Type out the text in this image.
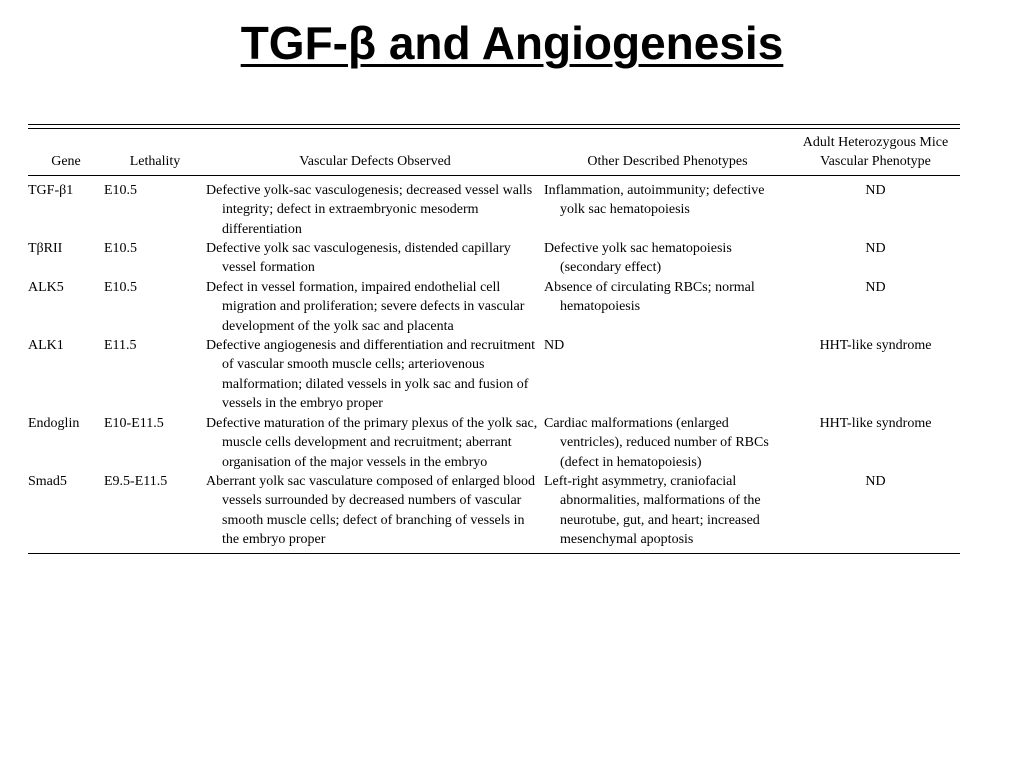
TGF-β and Angiogenesis
Gene	Lethality	Vascular Defects Observed	Other Described Phenotypes	Adult Heterozygous Mice
Vascular Phenotype

TGF-β1	E10.5	Defective yolk-sac vasculogenesis; decreased vessel walls integrity; defect in extraembryonic mesoderm differentiation	Inflammation, autoimmunity; defective yolk sac hematopoiesis	ND
TβRII	E10.5	Defective yolk sac vasculogenesis, distended capillary vessel formation	Defective yolk sac hematopoiesis (secondary effect)	ND
ALK5	E10.5	Defect in vessel formation, impaired endothelial cell migration and proliferation; severe defects in vascular development of the yolk sac and placenta	Absence of circulating RBCs; normal hematopoiesis	ND
ALK1	E11.5	Defective angiogenesis and differentiation and recruitment of vascular smooth muscle cells; arteriovenous malformation; dilated vessels in yolk sac and fusion of vessels in the embryo proper	ND	HHT-like syndrome
Endoglin	E10-E11.5	Defective maturation of the primary plexus of the yolk sac, muscle cells development and recruitment; aberrant organisation of the major vessels in the embryo	Cardiac malformations (enlarged ventricles), reduced number of RBCs (defect in hematopoiesis)	HHT-like syndrome
Smad5	E9.5-E11.5	Aberrant yolk sac vasculature composed of enlarged blood vessels surrounded by decreased numbers of vascular smooth muscle cells; defect of branching of vessels in the embryo proper	Left-right asymmetry, craniofacial abnormalities, malformations of the neurotube, gut, and heart; increased mesenchymal apoptosis	ND
